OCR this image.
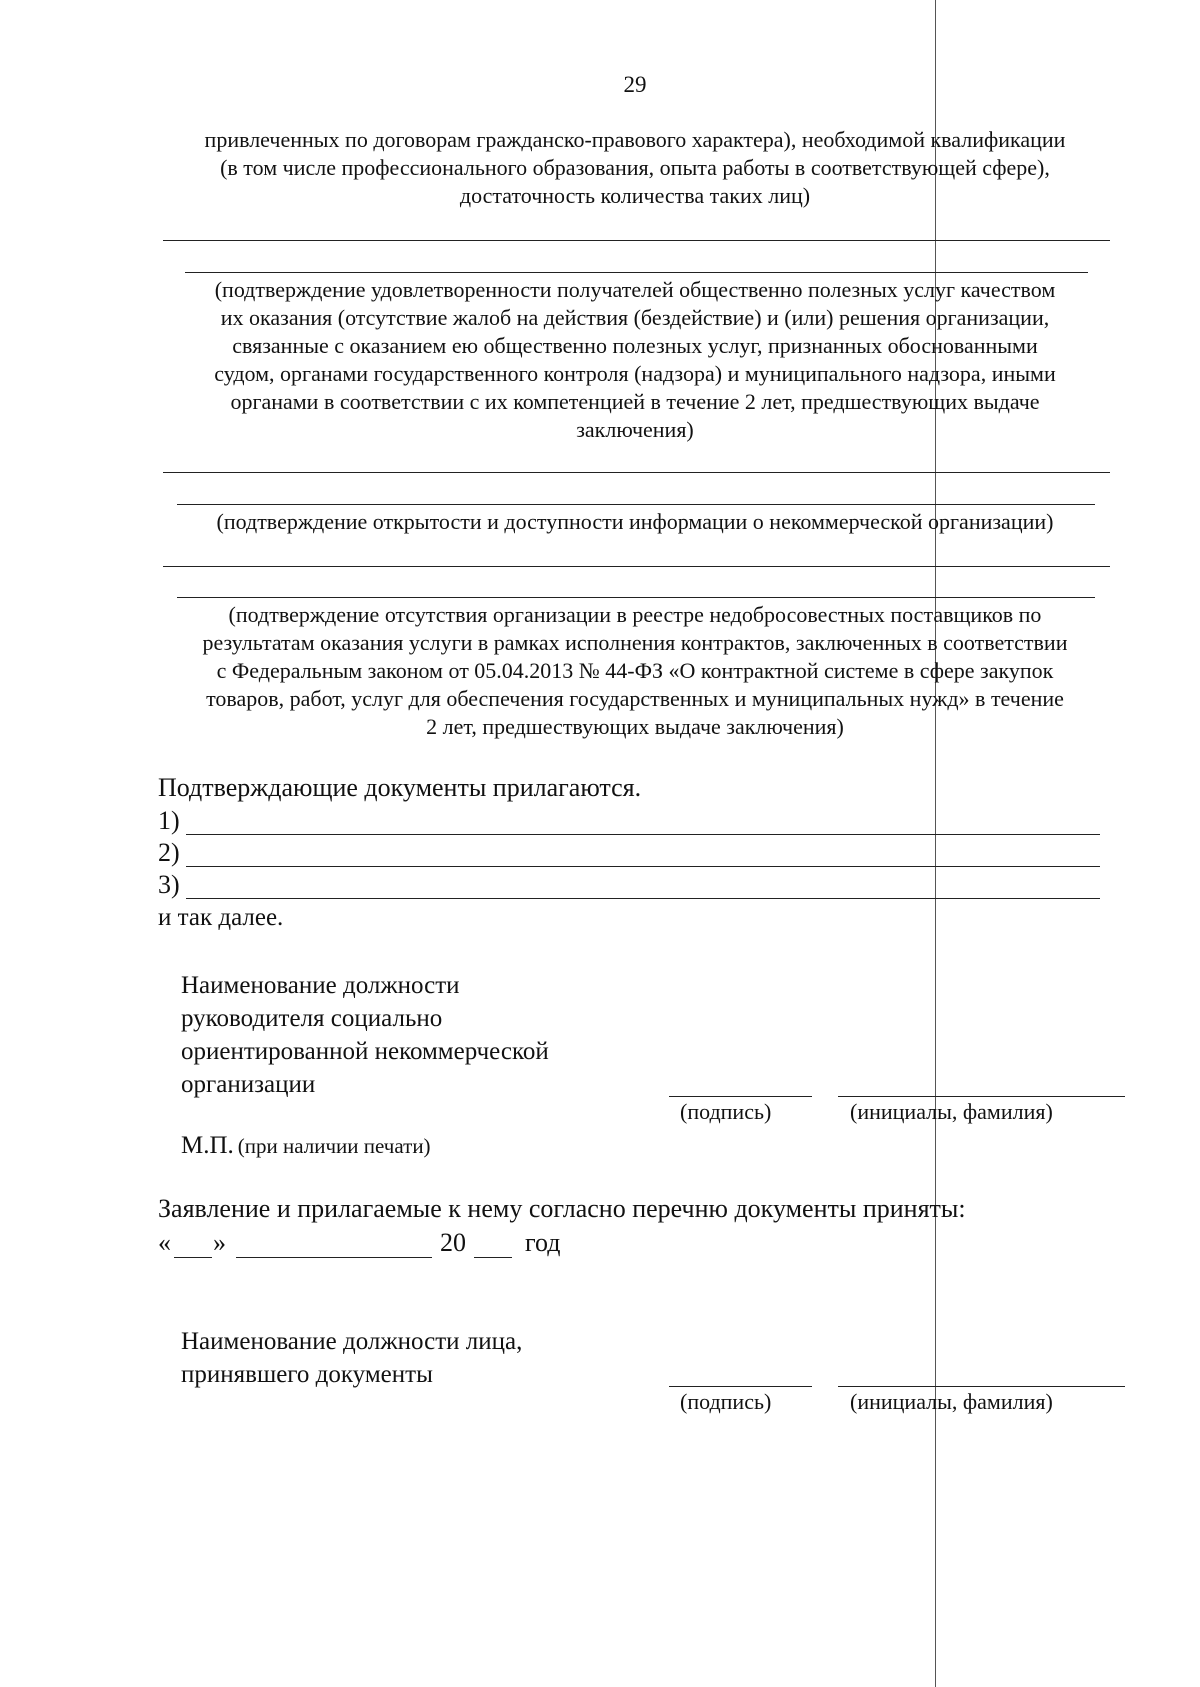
29
привлеченных по договорам гражданско-правового характера), необходимой квалификации
(в том числе профессионального образования, опыта работы в соответствующей сфере),
достаточность количества таких лиц)
(подтверждение удовлетворенности получателей общественно полезных услуг качеством
их оказания (отсутствие жалоб на действия (бездействие) и (или) решения организации,
связанные с оказанием ею общественно полезных услуг, признанных обоснованными
судом, органами государственного контроля (надзора) и муниципального надзора, иными
органами в соответствии с их компетенцией в течение 2 лет, предшествующих выдаче
заключения)
(подтверждение открытости и доступности информации о некоммерческой организации)
(подтверждение отсутствия организации в реестре недобросовестных поставщиков по
результатам оказания услуги в рамках исполнения контрактов, заключенных в соответствии
с Федеральным законом от 05.04.2013 № 44-ФЗ «О контрактной системе в сфере закупок
товаров, работ, услуг для обеспечения государственных и муниципальных нужд» в течение
2 лет, предшествующих выдаче заключения)
Подтверждающие документы прилагаются.
1)
2)
3)
и так далее.
Наименование должности
руководителя социально
ориентированной некоммерческой
организации
(подпись)	(инициалы, фамилия)
М.П. (при наличии печати)
Заявление и прилагаемые к нему согласно перечню документы приняты:
« »	20 год
Наименование должности лица,
принявшего документы
(подпись)	(инициалы, фамилия)
